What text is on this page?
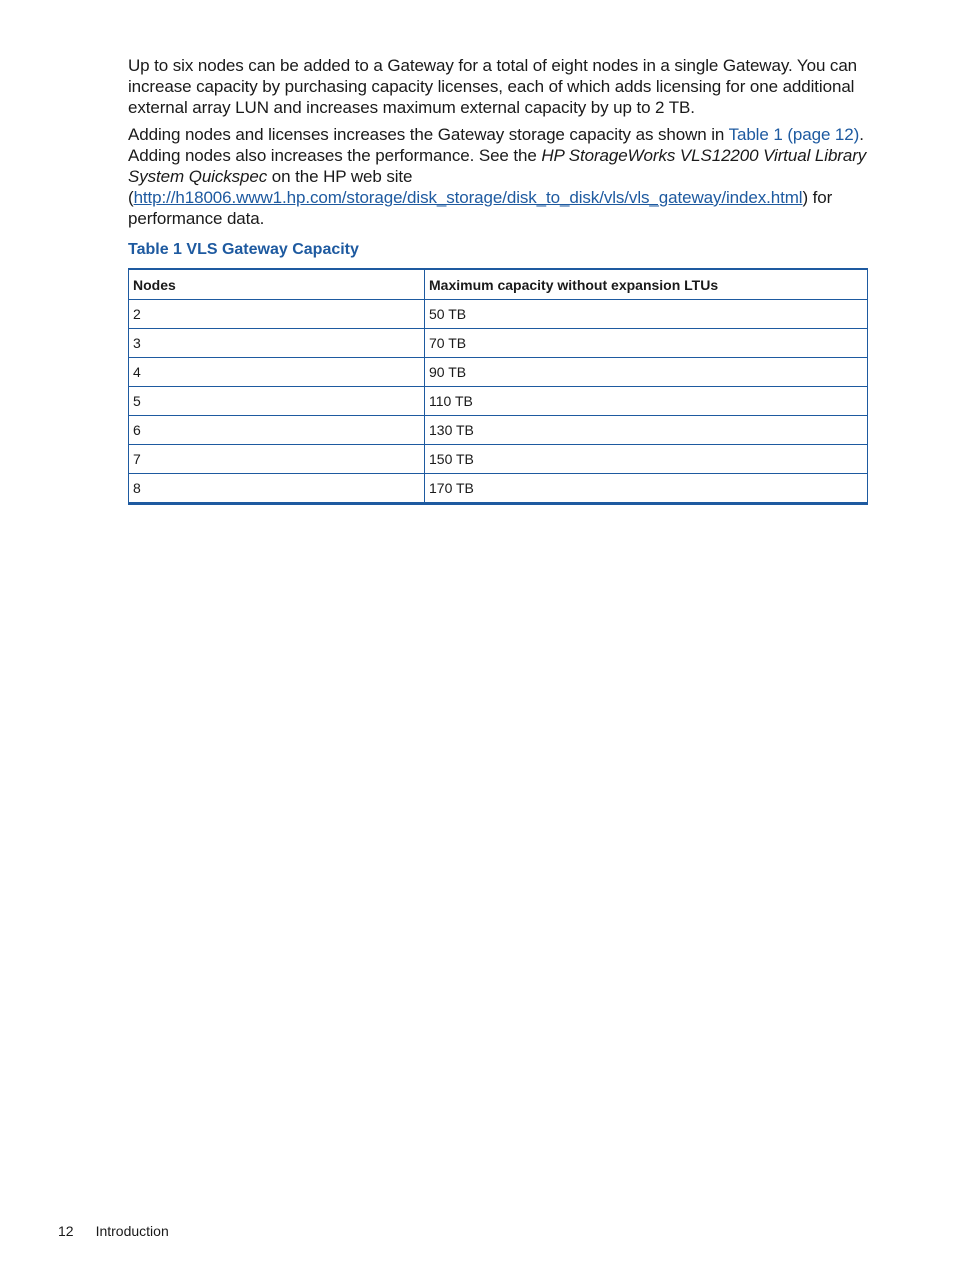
Up to six nodes can be added to a Gateway for a total of eight nodes in a single Gateway. You can increase capacity by purchasing capacity licenses, each of which adds licensing for one additional external array LUN and increases maximum external capacity by up to 2 TB.

Adding nodes and licenses increases the Gateway storage capacity as shown in Table 1 (page 12). Adding nodes also increases the performance. See the HP StorageWorks VLS12200 Virtual Library System Quickspec on the HP web site (http://h18006.www1.hp.com/storage/disk_storage/disk_to_disk/vls/vls_gateway/index.html) for performance data.

Table 1 VLS Gateway Capacity
Nodes	Maximum capacity without expansion LTUs
2	50 TB
3	70 TB
4	90 TB
5	110 TB
6	130 TB
7	150 TB
8	170 TB
12 Introduction
